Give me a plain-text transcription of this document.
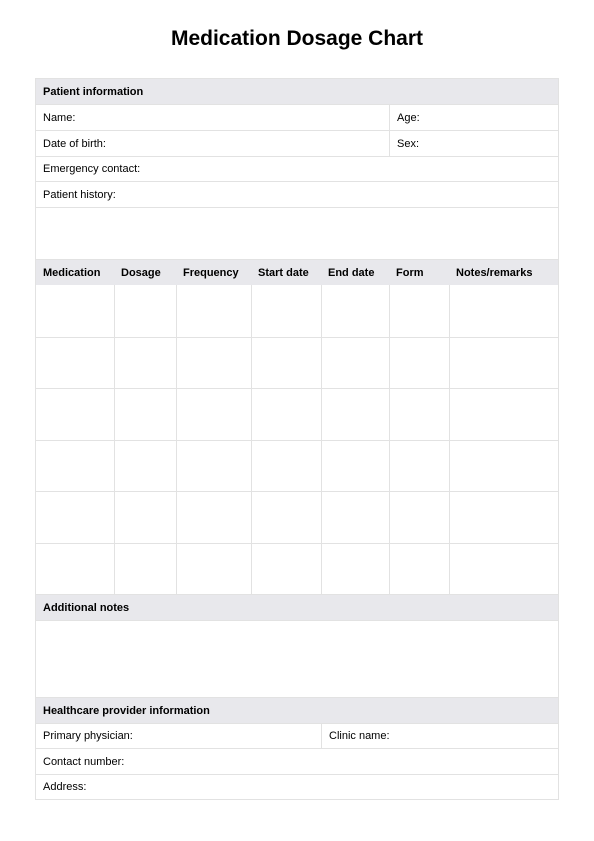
Medication Dosage Chart
Patient information
Name:	Age:
Date of birth:	Sex:
Emergency contact:
Patient history:
Medication	Dosage	Frequency	Start date	End date	Form	Notes/remarks
Additional notes
Healthcare provider information
Primary physician:	Clinic name:
Contact number:
Address:
